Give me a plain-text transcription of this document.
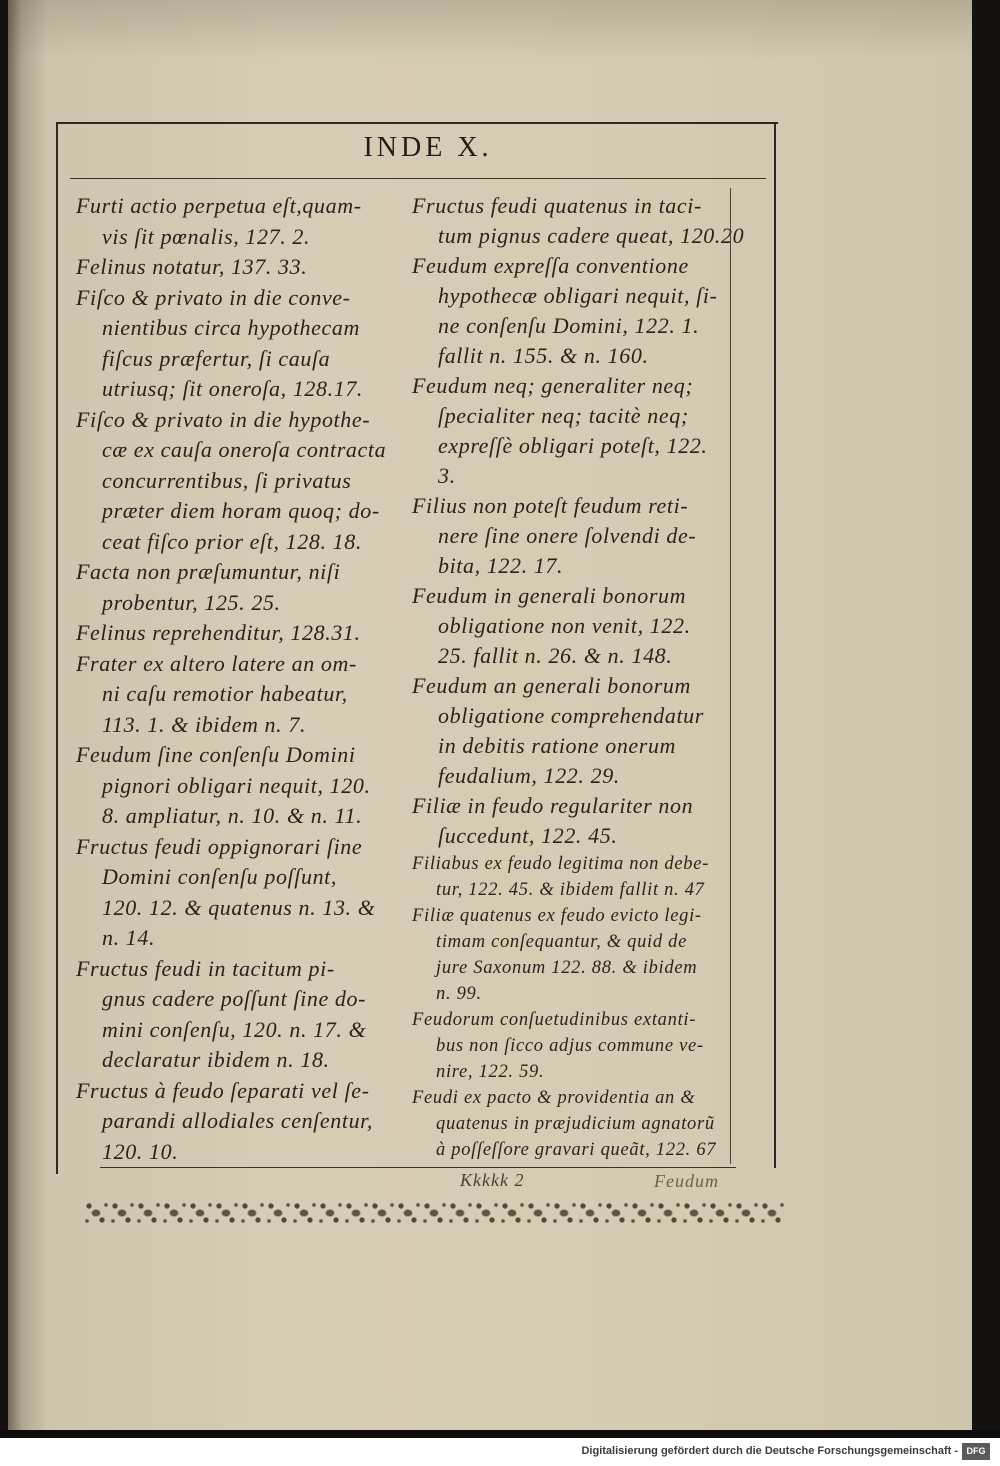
INDE X.
Furti actio perpetua eſt,quam-
vis ſit pœnalis, 127. 2.
Felinus notatur, 137. 33.
Fiſco & privato in die conve-
nientibus circa hypothecam
fiſcus præfertur, ſi cauſa
utriusq; ſit oneroſa, 128.17.
Fiſco & privato in die hypothe-
cæ ex cauſa oneroſa contracta
concurrentibus, ſi privatus
præter diem horam quoq; do-
ceat fiſco prior eſt, 128. 18.
Facta non præſumuntur, niſi
probentur, 125. 25.
Felinus reprehenditur, 128.31.
Frater ex altero latere an om-
ni caſu remotior habeatur,
113. 1. & ibidem n. 7.
Feudum ſine conſenſu Domini
pignori obligari nequit, 120.
8. ampliatur, n. 10. & n. 11.
Fructus feudi oppignorari ſine
Domini conſenſu poſſunt,
120. 12. & quatenus n. 13. &
n. 14.
Fructus feudi in tacitum pi-
gnus cadere poſſunt ſine do-
mini conſenſu, 120. n. 17. &
declaratur ibidem n. 18.
Fructus à feudo ſeparati vel ſe-
parandi allodiales cenſentur,
120. 10.
Fructus feudi quatenus in taci-
tum pignus cadere queat, 120.20
Feudum expreſſa conventione
hypothecæ obligari nequit, ſi-
ne conſenſu Domini, 122. 1.
fallit n. 155. & n. 160.
Feudum neq; generaliter neq;
ſpecialiter neq; tacitè neq;
expreſſè obligari poteſt, 122.
3.
Filius non poteſt feudum reti-
nere ſine onere ſolvendi de-
bita, 122. 17.
Feudum in generali bonorum
obligatione non venit, 122.
25. fallit n. 26. & n. 148.
Feudum an generali bonorum
obligatione comprehendatur
in debitis ratione onerum
feudalium, 122. 29.
Filiæ in feudo regulariter non
ſuccedunt, 122. 45.
Filiabus ex feudo legitima non debe-
tur, 122. 45. & ibidem fallit n. 47
Filiæ quatenus ex feudo evicto legi-
timam conſequantur, & quid de
jure Saxonum 122. 88. & ibidem
n. 99.
Feudorum conſuetudinibus extanti-
bus non ſicco adjus commune ve-
nire, 122. 59.
Feudi ex pacto & providentia an &
quatenus in præjudicium agnatorũ
à poſſeſſore gravari queãt, 122. 67
Kkkkk 2	Feudum
Digitalisierung gefördert durch die Deutsche Forschungsgemeinschaft - DFG
